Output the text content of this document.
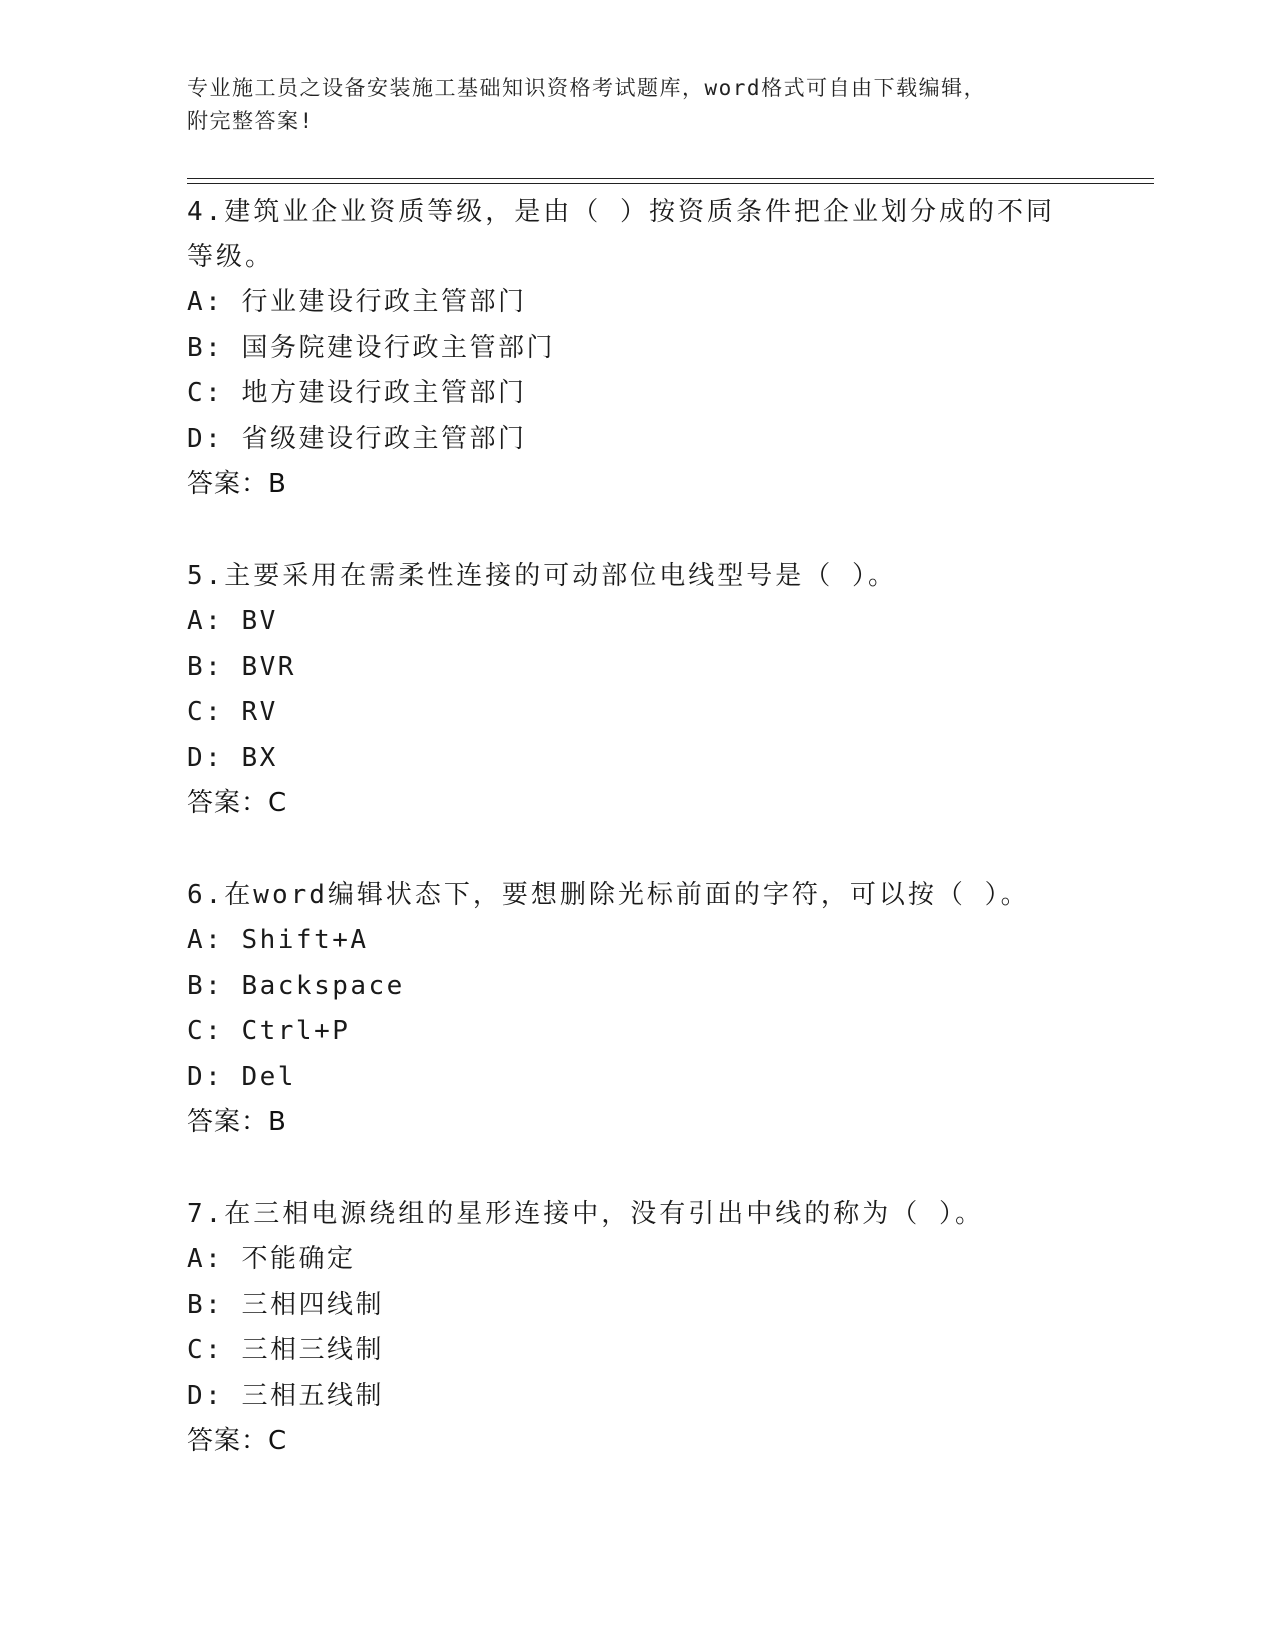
专业施工员之设备安装施工基础知识资格考试题库，word格式可自由下载编辑，
附完整答案!
4.建筑业企业资质等级，是由（ ）按资质条件把企业划分成的不同等级。
A: 行业建设行政主管部门
B: 国务院建设行政主管部门
C: 地方建设行政主管部门
D: 省级建设行政主管部门
答案：B
5.主要采用在需柔性连接的可动部位电线型号是（ ）。
A: BV
B: BVR
C: RV
D: BX
答案：C
6.在word编辑状态下，要想删除光标前面的字符，可以按（ ）。
A: Shift+A
B: Backspace
C: Ctrl+P
D: Del
答案：B
7.在三相电源绕组的星形连接中，没有引出中线的称为（ ）。
A: 不能确定
B: 三相四线制
C: 三相三线制
D: 三相五线制
答案：C
